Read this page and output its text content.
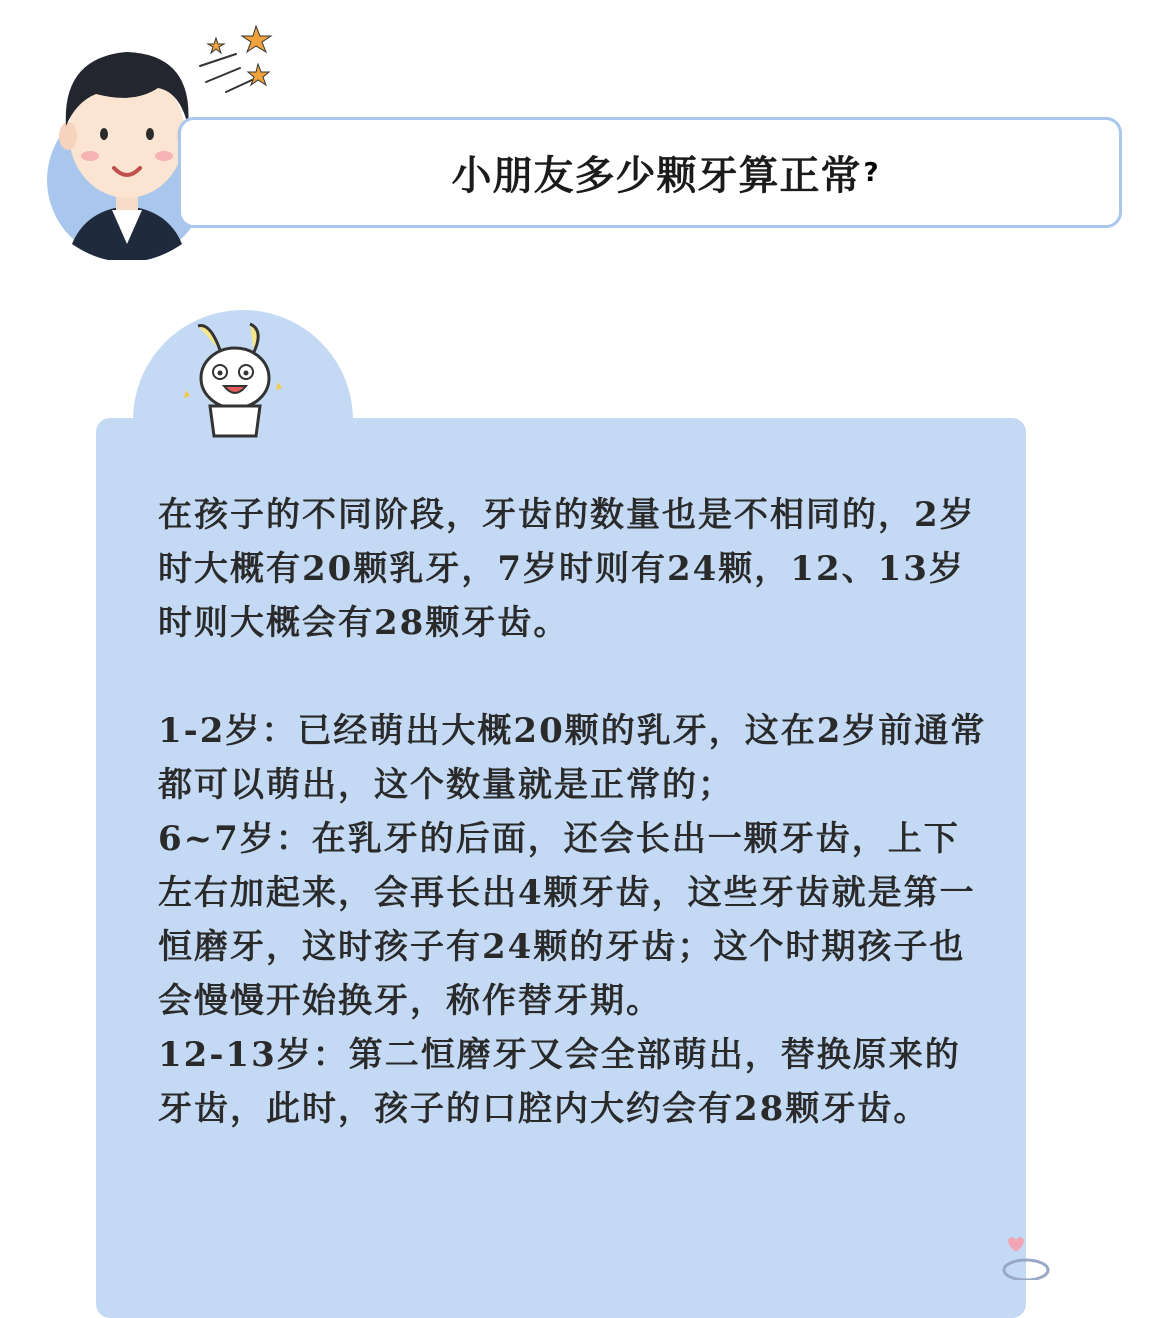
小朋友多少颗牙算正常 ?

在孩子的不同阶段，牙齿的数量也是不相同的，2岁时大概有20颗乳牙，7岁时则有24颗，12、13岁时则大概会有28颗牙齿。

1-2岁：已经萌出大概20颗的乳牙，这在2岁前通常都可以萌出，这个数量就是正常的；

6~7岁：在乳牙的后面，还会长出一颗牙齿，上下左右加起来，会再长出4颗牙齿，这些牙齿就是第一恒磨牙，这时孩子有24颗的牙齿；这个时期孩子也会慢慢开始换牙，称作替牙期。

12-13岁：第二恒磨牙又会全部萌出，替换原来的牙齿，此时，孩子的口腔内大约会有28颗牙齿。
